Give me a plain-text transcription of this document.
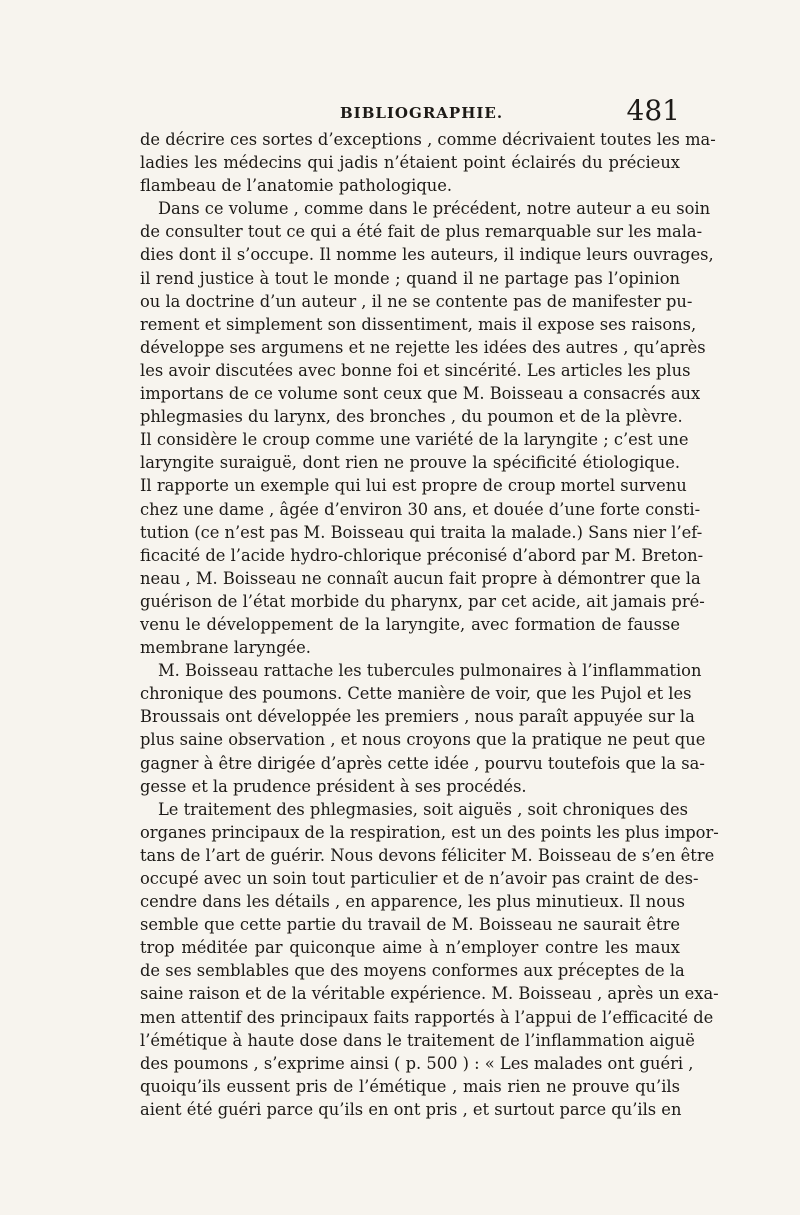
BIBLIOGRAPHIE.	481
de décrire ces sortes d’exceptions , comme décrivaient toutes les ma-
ladies les médecins qui jadis n’étaient point éclairés du précieux
flambeau de l’anatomie pathologique.
Dans ce volume , comme dans le précédent, notre auteur a eu soin
de consulter tout ce qui a été fait de plus remarquable sur les mala-
dies dont il s’occupe. Il nomme les auteurs, il indique leurs ouvrages,
il rend justice à tout le monde ; quand il ne partage pas l’opinion
ou la doctrine d’un auteur , il ne se contente pas de manifester pu-
rement et simplement son dissentiment, mais il expose ses raisons,
développe ses argumens et ne rejette les idées des autres , qu’après
les avoir discutées avec bonne foi et sincérité. Les articles les plus
importans de ce volume sont ceux que M. Boisseau a consacrés aux
phlegmasies du larynx, des bronches , du poumon et de la plèvre.
Il considère le croup comme une variété de la laryngite ; c’est une
laryngite suraiguë, dont rien ne prouve la spécificité étiologique.
Il rapporte un exemple qui lui est propre de croup mortel survenu
chez une dame , âgée d’environ 30 ans, et douée d’une forte consti-
tution (ce n’est pas M. Boisseau qui traita la malade.) Sans nier l’ef-
ficacité de l’acide hydro-chlorique préconisé d’abord par M. Breton-
neau , M. Boisseau ne connaît aucun fait propre à démontrer que la
guérison de l’état morbide du pharynx, par cet acide, ait jamais pré-
venu le développement de la laryngite, avec formation de fausse
membrane laryngée.
M. Boisseau rattache les tubercules pulmonaires à l’inflammation
chronique des poumons. Cette manière de voir, que les Pujol et les
Broussais ont développée les premiers , nous paraît appuyée sur la
plus saine observation , et nous croyons que la pratique ne peut que
gagner à être dirigée d’après cette idée , pourvu toutefois que la sa-
gesse et la prudence président à ses procédés.
Le traitement des phlegmasies, soit aiguës , soit chroniques des
organes principaux de la respiration, est un des points les plus impor-
tans de l’art de guérir. Nous devons féliciter M. Boisseau de s’en être
occupé avec un soin tout particulier et de n’avoir pas craint de des-
cendre dans les détails , en apparence, les plus minutieux. Il nous
semble que cette partie du travail de M. Boisseau ne saurait être
trop méditée par quiconque aime à n’employer contre les maux
de ses semblables que des moyens conformes aux préceptes de la
saine raison et de la véritable expérience. M. Boisseau , après un exa-
men attentif des principaux faits rapportés à l’appui de l’efficacité de
l’émétique à haute dose dans le traitement de l’inflammation aiguë
des poumons , s’exprime ainsi ( p. 500 ) : « Les malades ont guéri ,
quoiqu’ils eussent pris de l’émétique , mais rien ne prouve qu’ils
aient été guéri parce qu’ils en ont pris , et surtout parce qu’ils en
